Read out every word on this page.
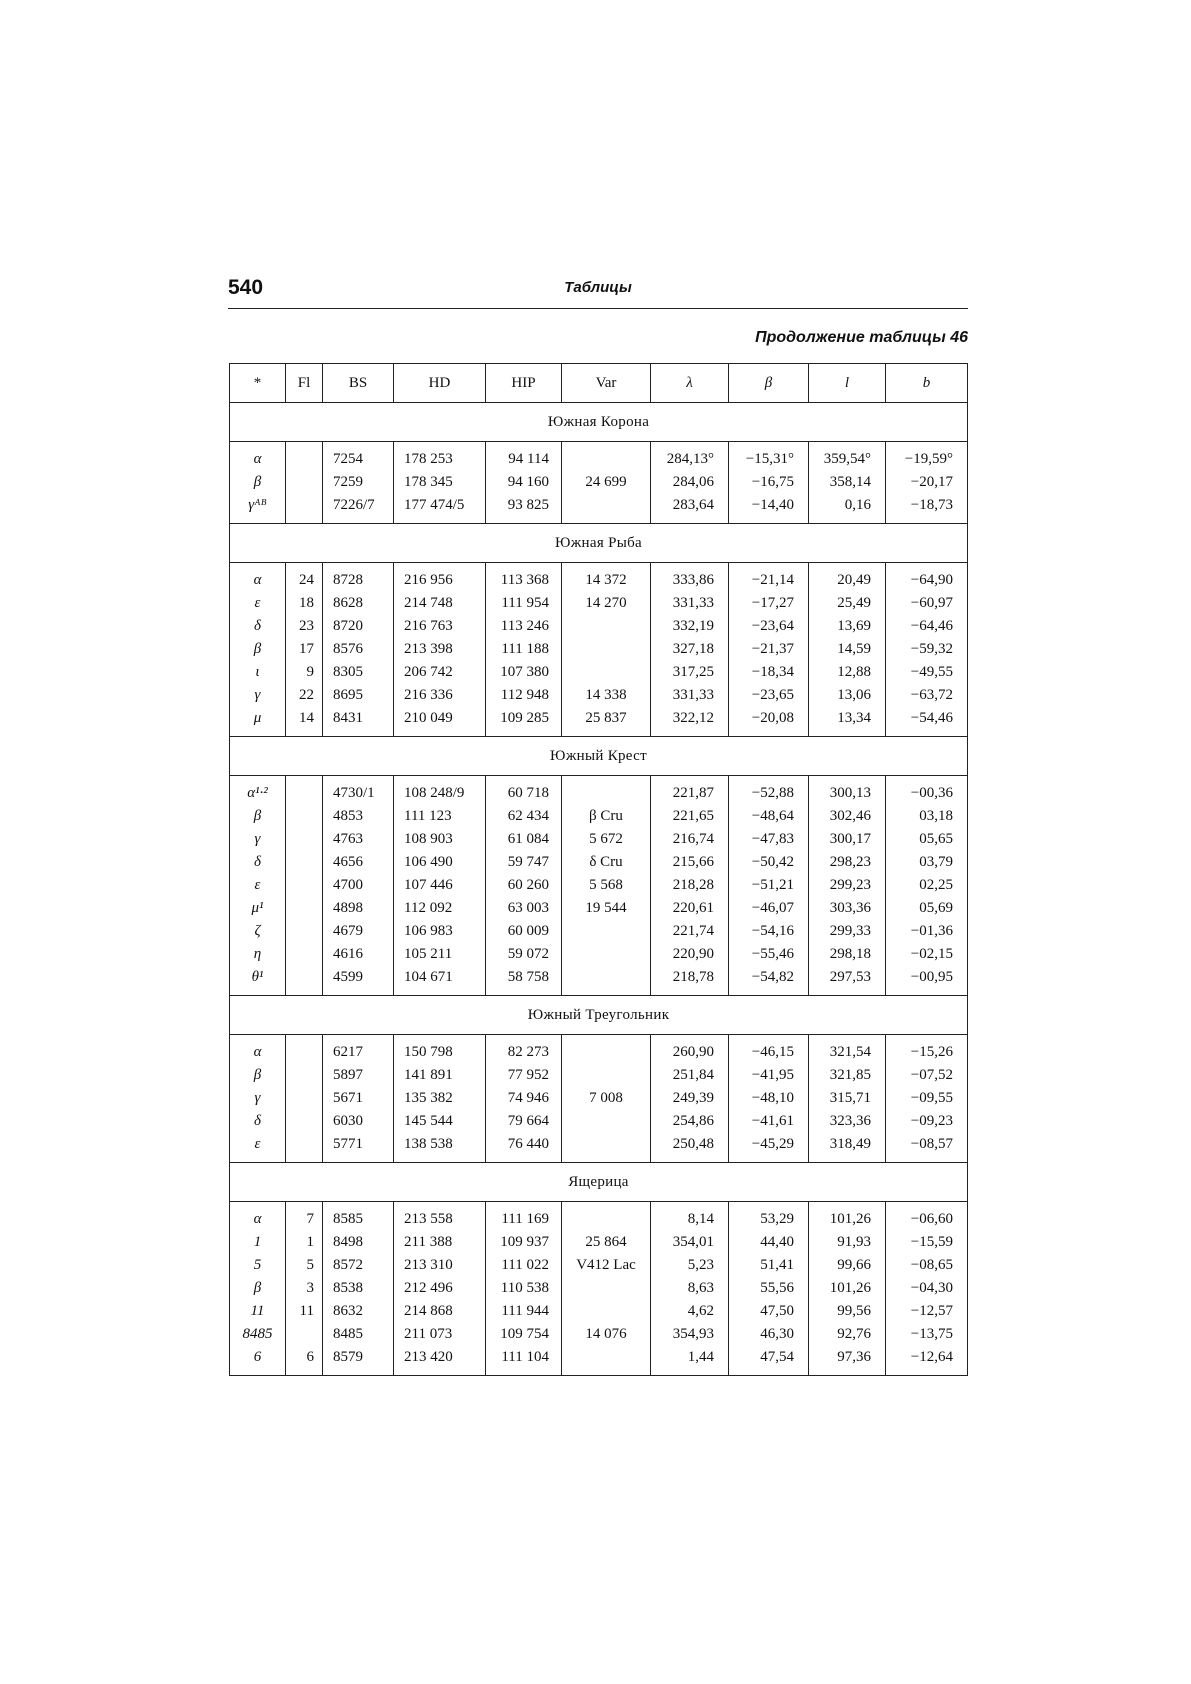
540	Таблицы
Продолжение таблицы 46
*	Fl	BS	HD	HIP	Var	λ	β	l	b
Южная Корона									
α		7254	178 253	94 114		284,13°	−15,31°	359,54°	−19,59°
β		7259	178 345	94 160	24 699	284,06	−16,75	358,14	−20,17
γᴬᴮ		7226/7	177 474/5	93 825		283,64	−14,40	0,16	−18,73
Южная Рыба									
α	24	8728	216 956	113 368	14 372	333,86	−21,14	20,49	−64,90
ε	18	8628	214 748	111 954	14 270	331,33	−17,27	25,49	−60,97
δ	23	8720	216 763	113 246		332,19	−23,64	13,69	−64,46
β	17	8576	213 398	111 188		327,18	−21,37	14,59	−59,32
ι	9	8305	206 742	107 380		317,25	−18,34	12,88	−49,55
γ	22	8695	216 336	112 948	14 338	331,33	−23,65	13,06	−63,72
μ	14	8431	210 049	109 285	25 837	322,12	−20,08	13,34	−54,46
Южный Крест									
α¹·²		4730/1	108 248/9	60 718		221,87	−52,88	300,13	−00,36
β		4853	111 123	62 434	β Cru	221,65	−48,64	302,46	03,18
γ		4763	108 903	61 084	5 672	216,74	−47,83	300,17	05,65
δ		4656	106 490	59 747	δ Cru	215,66	−50,42	298,23	03,79
ε		4700	107 446	60 260	5 568	218,28	−51,21	299,23	02,25
μ¹		4898	112 092	63 003	19 544	220,61	−46,07	303,36	05,69
ζ		4679	106 983	60 009		221,74	−54,16	299,33	−01,36
η		4616	105 211	59 072		220,90	−55,46	298,18	−02,15
θ¹		4599	104 671	58 758		218,78	−54,82	297,53	−00,95
Южный Треугольник									
α		6217	150 798	82 273		260,90	−46,15	321,54	−15,26
β		5897	141 891	77 952		251,84	−41,95	321,85	−07,52
γ		5671	135 382	74 946	7 008	249,39	−48,10	315,71	−09,55
δ		6030	145 544	79 664		254,86	−41,61	323,36	−09,23
ε		5771	138 538	76 440		250,48	−45,29	318,49	−08,57
Ящерица									
α	7	8585	213 558	111 169		8,14	53,29	101,26	−06,60
1	1	8498	211 388	109 937	25 864	354,01	44,40	91,93	−15,59
5	5	8572	213 310	111 022	V412 Lac	5,23	51,41	99,66	−08,65
β	3	8538	212 496	110 538		8,63	55,56	101,26	−04,30
11	11	8632	214 868	111 944		4,62	47,50	99,56	−12,57
8485		8485	211 073	109 754	14 076	354,93	46,30	92,76	−13,75
6	6	8579	213 420	111 104		1,44	47,54	97,36	−12,64
